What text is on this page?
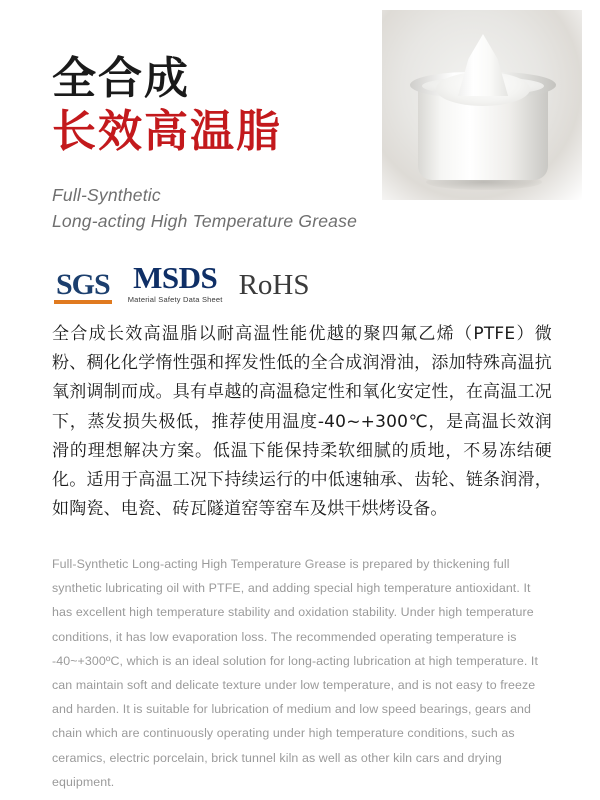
全合成
长效高温脂
Full-Synthetic
Long-acting High Temperature Grease
SGS MSDS
Material Safety Data Sheet RoHS
全合成长效高温脂以耐高温性能优越的聚四氟乙烯（PTFE）微粉、稠化化学惰性强和挥发性低的全合成润滑油，添加特殊高温抗氧剂调制而成。具有卓越的高温稳定性和氧化安定性，在高温工况下，蒸发损失极低，推荐使用温度-40~+300℃，是高温长效润滑的理想解决方案。低温下能保持柔软细腻的质地，不易冻结硬化。适用于高温工况下持续运行的中低速轴承、齿轮、链条润滑，如陶瓷、电瓷、砖瓦隧道窑等窑车及烘干烘烤设备。
Full-Synthetic Long-acting High Temperature Grease is prepared by thickening full synthetic lubricating oil with PTFE, and adding special high temperature antioxidant. It has excellent high temperature stability and oxidation stability. Under high temperature conditions, it has low evaporation loss. The recommended operating temperature is -40~+300ºC, which is an ideal solution for long-acting lubrication at high temperature. It can maintain soft and delicate texture under low temperature, and is not easy to freeze and harden. It is suitable for lubrication of medium and low speed bearings, gears and chain which are continuously operating under high temperature conditions, such as ceramics, electric porcelain, brick tunnel kiln as well as other kiln cars and drying equipment.
